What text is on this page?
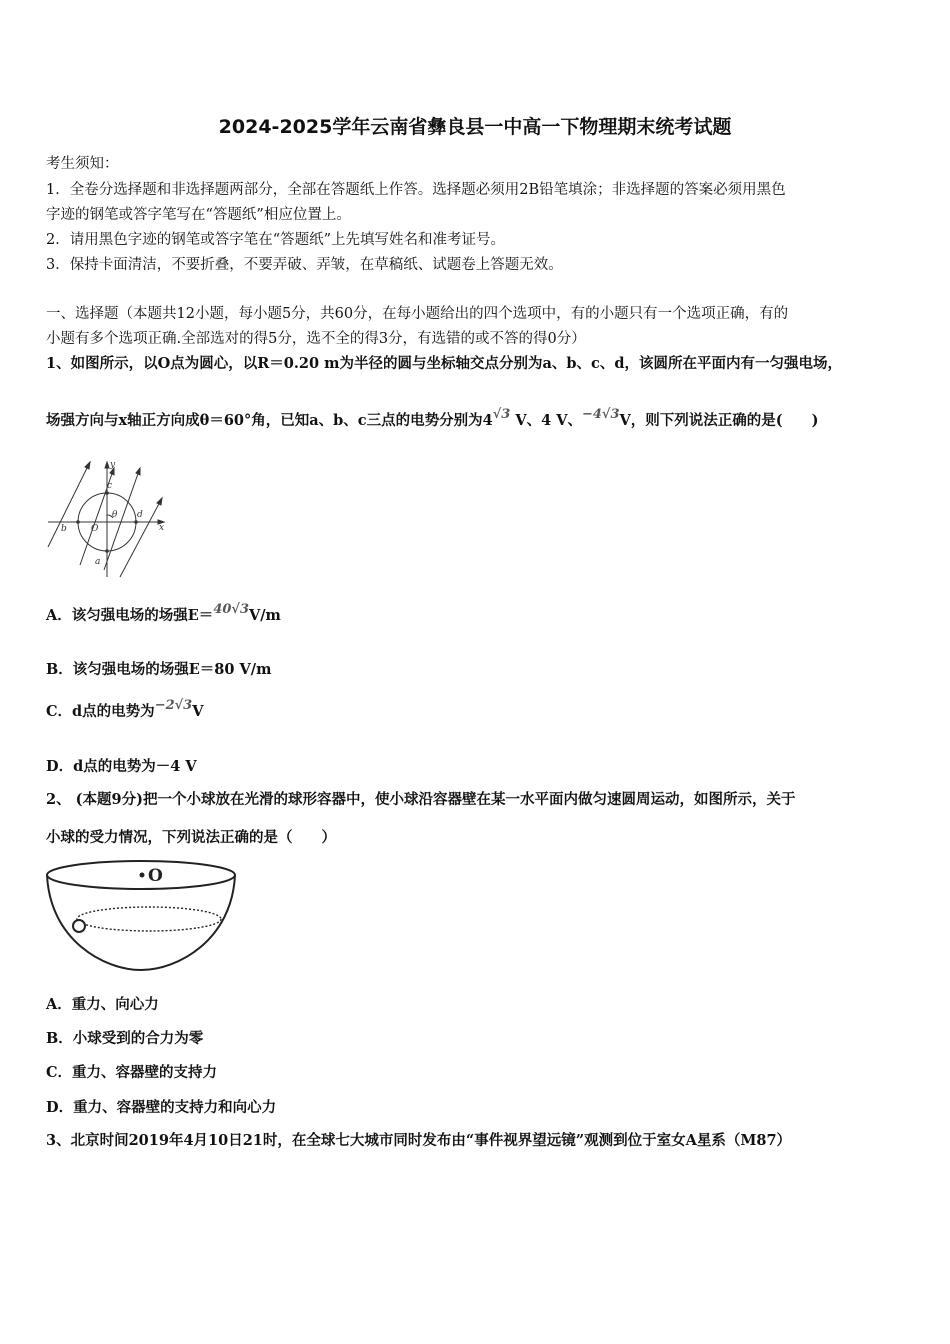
2024-2025学年云南省彝良县一中高一下物理期末统考试题
考生须知：
1．全卷分选择题和非选择题两部分，全部在答题纸上作答。选择题必须用2B铅笔填涂；非选择题的答案必须用黑色
字迹的钢笔或答字笔写在“答题纸”相应位置上。
2．请用黑色字迹的钢笔或答字笔在“答题纸”上先填写姓名和准考证号。
3．保持卡面清洁，不要折叠，不要弄破、弄皱，在草稿纸、试题卷上答题无效。
一、选择题（本题共12小题，每小题5分，共60分，在每小题给出的四个选项中，有的小题只有一个选项正确，有的
小题有多个选项正确.全部选对的得5分，选不全的得3分，有选错的或不答的得0分）
1、如图所示，以O点为圆心，以R＝0.20 m为半径的圆与坐标轴交点分别为a、b、c、d，该圆所在平面内有一匀强电场，
场强方向与x轴正方向成θ＝60°角，已知a、b、c三点的电势分别为4√3 V、4 V、−4√3V，则下列说法正确的是(　　)
y
x
c
b	O
θ d
a
A．该匀强电场的场强E＝40√3V/m
B．该匀强电场的场强E＝80 V/m
C．d点的电势为−2√3V
D．d点的电势为－4 V
2、 (本题9分)把一个小球放在光滑的球形容器中，使小球沿容器壁在某一水平面内做匀速圆周运动，如图所示，关于
小球的受力情况，下列说法正确的是（　　）
O
A．重力、向心力
B．小球受到的合力为零
C．重力、容器壁的支持力
D．重力、容器壁的支持力和向心力
3、北京时间2019年4月10日21时，在全球七大城市同时发布由“事件视界望远镜”观测到位于室女A星系（M87）
